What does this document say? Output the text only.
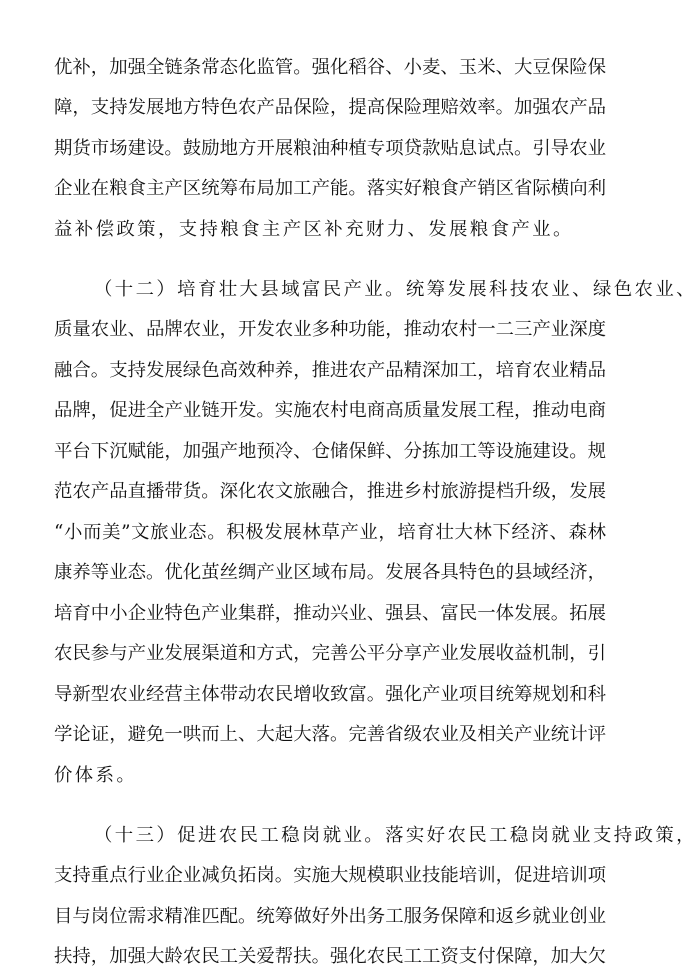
优补，加强全链条常态化监管。强化稻谷、小麦、玉米、大豆保险保
障，支持发展地方特色农产品保险，提高保险理赔效率。加强农产品
期货市场建设。鼓励地方开展粮油种植专项贷款贴息试点。引导农业
企业在粮食主产区统筹布局加工产能。落实好粮食产销区省际横向利
益补偿政策，支持粮食主产区补充财力、发展粮食产业。
（十二）培育壮大县域富民产业。统筹发展科技农业、绿色农业、
质量农业、品牌农业，开发农业多种功能，推动农村一二三产业深度
融合。支持发展绿色高效种养，推进农产品精深加工，培育农业精品
品牌，促进全产业链开发。实施农村电商高质量发展工程，推动电商
平台下沉赋能，加强产地预冷、仓储保鲜、分拣加工等设施建设。规
范农产品直播带货。深化农文旅融合，推进乡村旅游提档升级，发展
“小而美”文旅业态。积极发展林草产业，培育壮大林下经济、森林
康养等业态。优化茧丝绸产业区域布局。发展各具特色的县域经济，
培育中小企业特色产业集群，推动兴业、强县、富民一体发展。拓展
农民参与产业发展渠道和方式，完善公平分享产业发展收益机制，引
导新型农业经营主体带动农民增收致富。强化产业项目统筹规划和科
学论证，避免一哄而上、大起大落。完善省级农业及相关产业统计评
价体系。
（十三）促进农民工稳岗就业。落实好农民工稳岗就业支持政策，
支持重点行业企业减负拓岗。实施大规模职业技能培训，促进培训项
目与岗位需求精准匹配。统筹做好外出务工服务保障和返乡就业创业
扶持，加强大龄农民工关爱帮扶。强化农民工工资支付保障，加大欠
